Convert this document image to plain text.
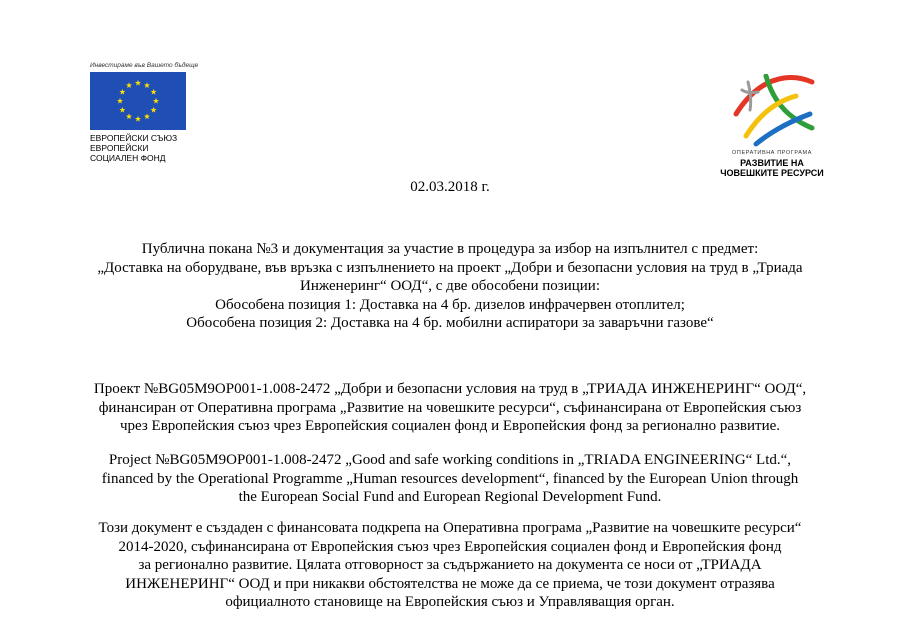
Инвестираме във Вашето бъдеще
ЕВРОПЕЙСКИ СЪЮЗ
ЕВРОПЕЙСКИ
СОЦИАЛЕН ФОНД	ОПЕРАТИВНА ПРОГРАМА
РАЗВИТИЕ НА
ЧОВЕШКИТЕ РЕСУРСИ
02.03.2018 г.
Публична покана №3 и документация за участие в процедура за избор на изпълнител с предмет:
„Доставка на оборудване, във връзка с изпълнението на проект „Добри и безопасни условия на труд в „Триада
Инженеринг“ ООД“, с две обособени позиции:
Обособена позиция 1: Доставка на 4 бр. дизелов инфрачервен отоплител;
Обособена позиция 2: Доставка на 4 бр. мобилни аспиратори за заваръчни газове“
Проект №BG05M9OP001-1.008-2472 „Добри и безопасни условия на труд в „ТРИАДА ИНЖЕНЕРИНГ“ ООД“,
финансиран от Оперативна програма „Развитие на човешките ресурси“, съфинансирана от Европейския съюз
чрез Европейския съюз чрез Европейския социален фонд и Европейския фонд за регионално развитие.
Project №BG05M9OP001-1.008-2472 „Good and safe working conditions in „TRIADA ENGINEERING“ Ltd.“,
financed by the Operational Programme „Human resources development“, financed by the European Union through
the European Social Fund and European Regional Development Fund.
Този документ е създаден с финансовата подкрепа на Оперативна програма „Развитие на човешките ресурси“
2014-2020, съфинансирана от Европейския съюз чрез Европейския социален фонд и Европейския фонд
за регионално развитие. Цялата отговорност за съдържанието на документа се носи от „ТРИАДА
ИНЖЕНЕРИНГ“ ООД и при никакви обстоятелства не може да се приема, че този документ отразява
официалното становище на Европейския съюз и Управляващия орган.
